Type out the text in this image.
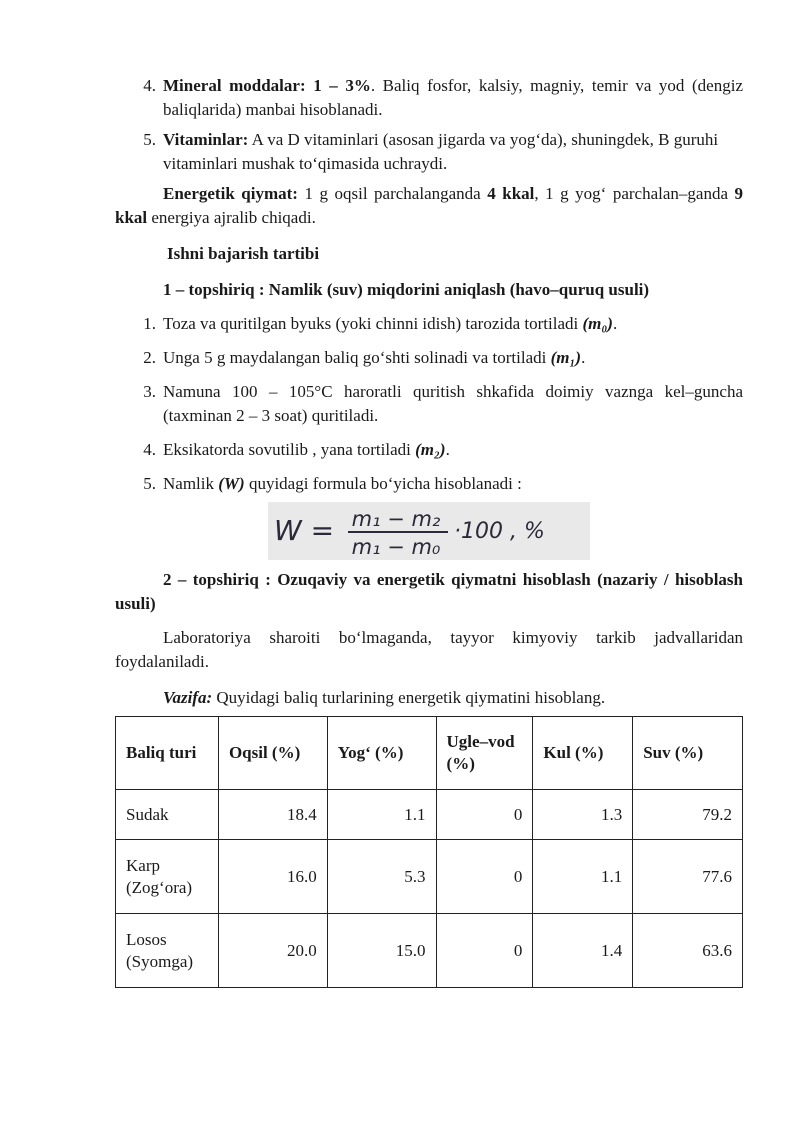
4. Mineral moddalar: 1 – 3%. Baliq fosfor, kalsiy, magniy, temir va yod (dengiz baliqlarida) manbai hisoblanadi.
5. Vitaminlar: A va D vitaminlari (asosan jigarda va yog‘da), shuningdek, B guruhi vitaminlari mushak to‘qimasida uchraydi.

Energetik qiymat: 1 g oqsil parchalanganda 4 kkal, 1 g yog‘ parchalan–ganda 9 kkal energiya ajralib chiqadi.

Ishni bajarish tartibi

1 – topshiriq : Namlik (suv) miqdorini aniqlash (havo–quruq usuli)

1. Toza va quritilgan byuks (yoki chinni idish) tarozida tortiladi (m₀).
2. Unga 5 g maydalangan baliq go‘shti solinadi va tortiladi (m₁).
3. Namuna 100 – 105°C haroratli quritish shkafida doimiy vaznga kel–guncha (taxminan 2 – 3 soat) quritiladi.
4. Eksikatorda sovutilib , yana tortiladi (m₂).
5. Namlik (W) quyidagi formula bo‘yicha hisoblanadi :
W = m₁ − m₂
m₁ − m₀
·100 , %

2 – topshiriq : Ozuqaviy va energetik qiymatni hisoblash (nazariy / hisoblash usuli)

Laboratoriya sharoiti bo‘lmaganda, tayyor kimyoviy tarkib jadvallaridan foydalaniladi.

Vazifa: Quyidagi baliq turlarining energetik qiymatini hisoblang.

Baliq turi	Oqsil (%)	Yog‘ (%)	Ugle–vod (%)	Kul (%)	Suv (%)
Sudak	18.4	1.1	0	1.3	79.2
Karp (Zog‘ora)	16.0	5.3	0	1.1	77.6
Losos (Syomga)	20.0	15.0	0	1.4	63.6
